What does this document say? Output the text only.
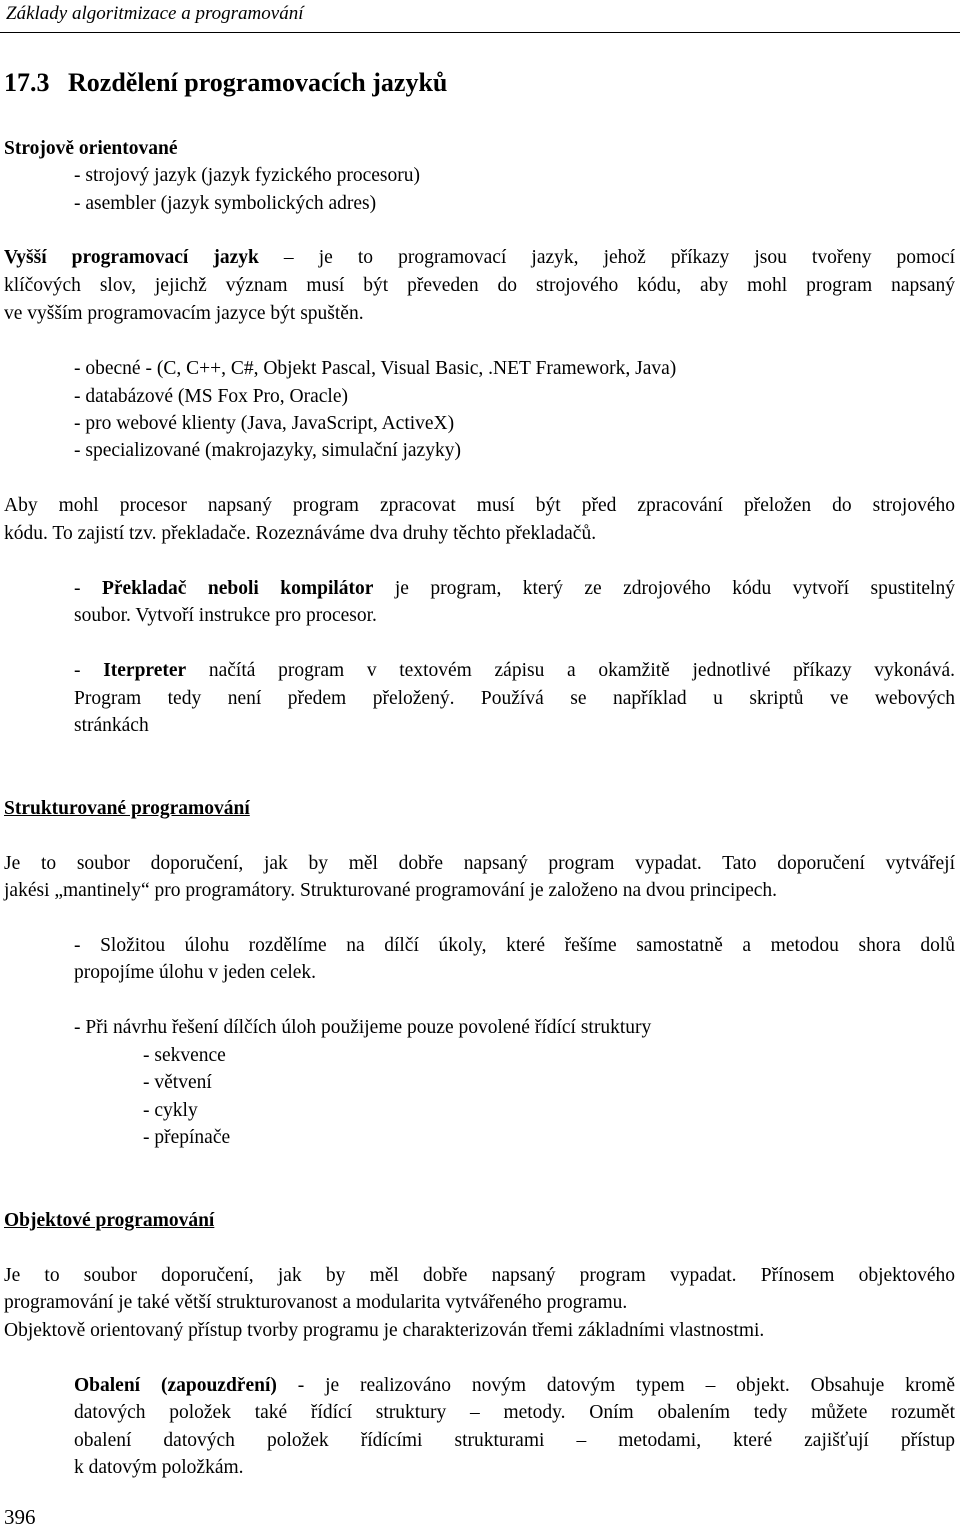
Základy algoritmizace a programování
17.3 Rozdělení programovacích jazyků
Strojově orientované
- strojový jazyk (jazyk fyzického procesoru)
- asembler (jazyk symbolických adres)
Vyšší programovací jazyk – je to programovací jazyk, jehož příkazy jsou tvořeny pomocí
klíčových slov, jejichž význam musí být převeden do strojového kódu, aby mohl program napsaný
ve vyšším programovacím jazyce být spuštěn.
- obecné - (C, C++, C#, Objekt Pascal, Visual Basic, .NET Framework, Java)
- databázové (MS Fox Pro, Oracle)
- pro webové klienty (Java, JavaScript, ActiveX)
- specializované (makrojazyky, simulační jazyky)
Aby mohl procesor napsaný program zpracovat musí být před zpracování přeložen do strojového
kódu. To zajistí tzv. překladače. Rozeznáváme dva druhy těchto překladačů.
- Překladač neboli kompilátor je program, který ze zdrojového kódu vytvoří spustitelný
soubor. Vytvoří instrukce pro procesor.
- Iterpreter načítá program v textovém zápisu a okamžitě jednotlivé příkazy vykonává.
Program tedy není předem přeložený. Používá se například u skriptů ve webových
stránkách
Strukturované programování
Je to soubor doporučení, jak by měl dobře napsaný program vypadat. Tato doporučení vytvářejí
jakési „mantinely“ pro programátory. Strukturované programování je založeno na dvou principech.
- Složitou úlohu rozdělíme na dílčí úkoly, které řešíme samostatně a metodou shora dolů
propojíme úlohu v jeden celek.
- Při návrhu řešení dílčích úloh použijeme pouze povolené řídící struktury
- sekvence
- větvení
- cykly
- přepínače
Objektové programování
Je to soubor doporučení, jak by měl dobře napsaný program vypadat. Přínosem objektového
programování je také větší strukturovanost a modularita vytvářeného programu.
Objektově orientovaný přístup tvorby programu je charakterizován třemi základními vlastnostmi.
Obalení (zapouzdření) - je realizováno novým datovým typem – objekt. Obsahuje kromě
datových položek také řídící struktury – metody. Oním obalením tedy můžete rozumět
obalení datových položek řídícími strukturami – metodami, které zajišťují přístup
k datovým položkám.
396
